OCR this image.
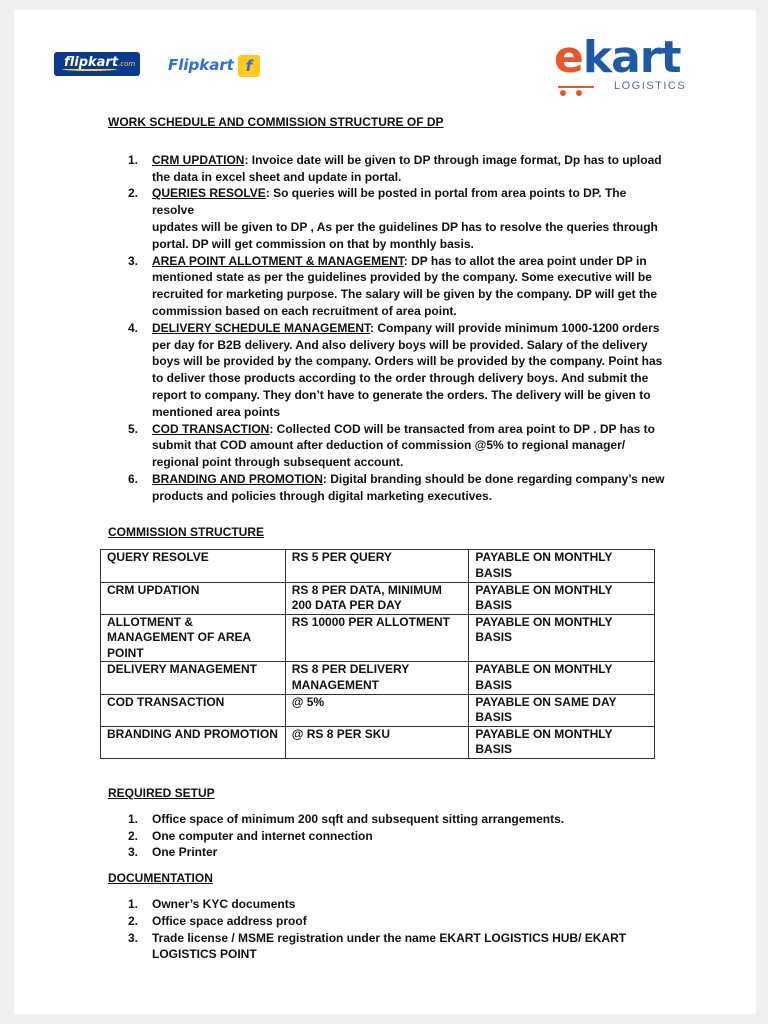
flipkart.com	Flipkart f	ekart
LOGISTICS
WORK SCHEDULE AND COMMISSION STRUCTURE OF DP
1. CRM UPDATION: Invoice date will be given to DP through image format, Dp has to upload
the data in excel sheet and update in portal.
2. QUERIES RESOLVE: So queries will be posted in portal from area points to DP. The resolve
updates will be given to DP , As per the guidelines DP has to resolve the queries through
portal. DP will get commission on that by monthly basis.
3. AREA POINT ALLOTMENT & MANAGEMENT: DP has to allot the area point under DP in
mentioned state as per the guidelines provided by the company. Some executive will be
recruited for marketing purpose. The salary will be given by the company. DP will get the
commission based on each recruitment of area point.
4. DELIVERY SCHEDULE MANAGEMENT: Company will provide minimum 1000-1200 orders
per day for B2B delivery. And also delivery boys will be provided. Salary of the delivery
boys will be provided by the company. Orders will be provided by the company. Point has
to deliver those products according to the order through delivery boys. And submit the
report to company. They don’t have to generate the orders. The delivery will be given to
mentioned area points
5. COD TRANSACTION: Collected COD will be transacted from area point to DP . DP has to
submit that COD amount after deduction of commission @5% to regional manager/
regional point through subsequent account.
6. BRANDING AND PROMOTION: Digital branding should be done regarding company’s new
products and policies through digital marketing executives.
COMMISSION STRUCTURE
QUERY RESOLVE	RS 5 PER QUERY	PAYABLE ON MONTHLY BASIS
CRM UPDATION	RS 8 PER DATA, MINIMUM
200 DATA PER DAY	PAYABLE ON MONTHLY BASIS
ALLOTMENT &
MANAGEMENT OF AREA
POINT	RS 10000 PER ALLOTMENT	PAYABLE ON MONTHLY BASIS
DELIVERY MANAGEMENT	RS 8 PER DELIVERY
MANAGEMENT	PAYABLE ON MONTHLY BASIS
COD TRANSACTION	@ 5%	PAYABLE ON SAME DAY BASIS
BRANDING AND PROMOTION	@ RS 8 PER SKU	PAYABLE ON MONTHLY BASIS
REQUIRED SETUP
1. Office space of minimum 200 sqft and subsequent sitting arrangements.
2. One computer and internet connection
3. One Printer
DOCUMENTATION
1. Owner’s KYC documents
2. Office space address proof
3. Trade license / MSME registration under the name EKART LOGISTICS HUB/ EKART
LOGISTICS POINT
